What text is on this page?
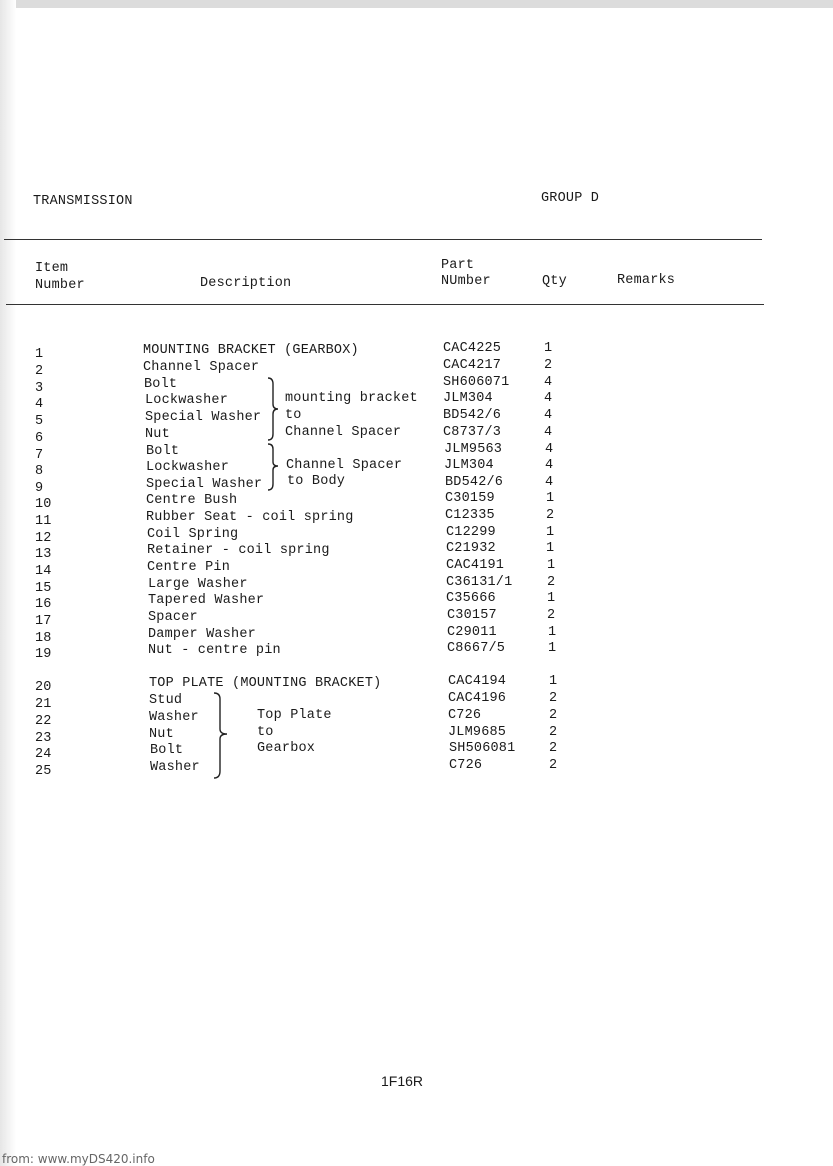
TRANSMISSION	GROUP D
Item
Number	Description
Part
NUmber	Qty	Remarks
1	MOUNTING BRACKET (GEARBOX)	CAC4225	1
2	Channel Spacer	CAC4217	2
3	Bolt	SH606071	4
4	Lockwasher	JLM304	4
5	Special Washer	BD542/6	4
6	Nut	C8737/3	4
7	Bolt	JLM9563	4
8	Lockwasher	JLM304	4
9	Special Washer	BD542/6	4
10	Centre Bush	C30159	1
11	Rubber Seat - coil spring	C12335	2
12	Coil Spring	C12299	1
13	Retainer - coil spring	C21932	1
14	Centre Pin	CAC4191	1
15	Large Washer	C36131/1	2
16	Tapered Washer	C35666	1
17	Spacer	C30157	2
18	Damper Washer	C29011	1
19	Nut - centre pin	C8667/5	1
20	TOP PLATE (MOUNTING BRACKET)	CAC4194	1
21	Stud	CAC4196	2
22	Washer	C726	2
23	Nut	JLM9685	2
24	Bolt	SH506081 2
25	Washer	C726	2
mounting bracket
to
Channel Spacer
Channel Spacer
to Body
Top Plate
to
Gearbox
1F16R
from: www.myDS420.info
